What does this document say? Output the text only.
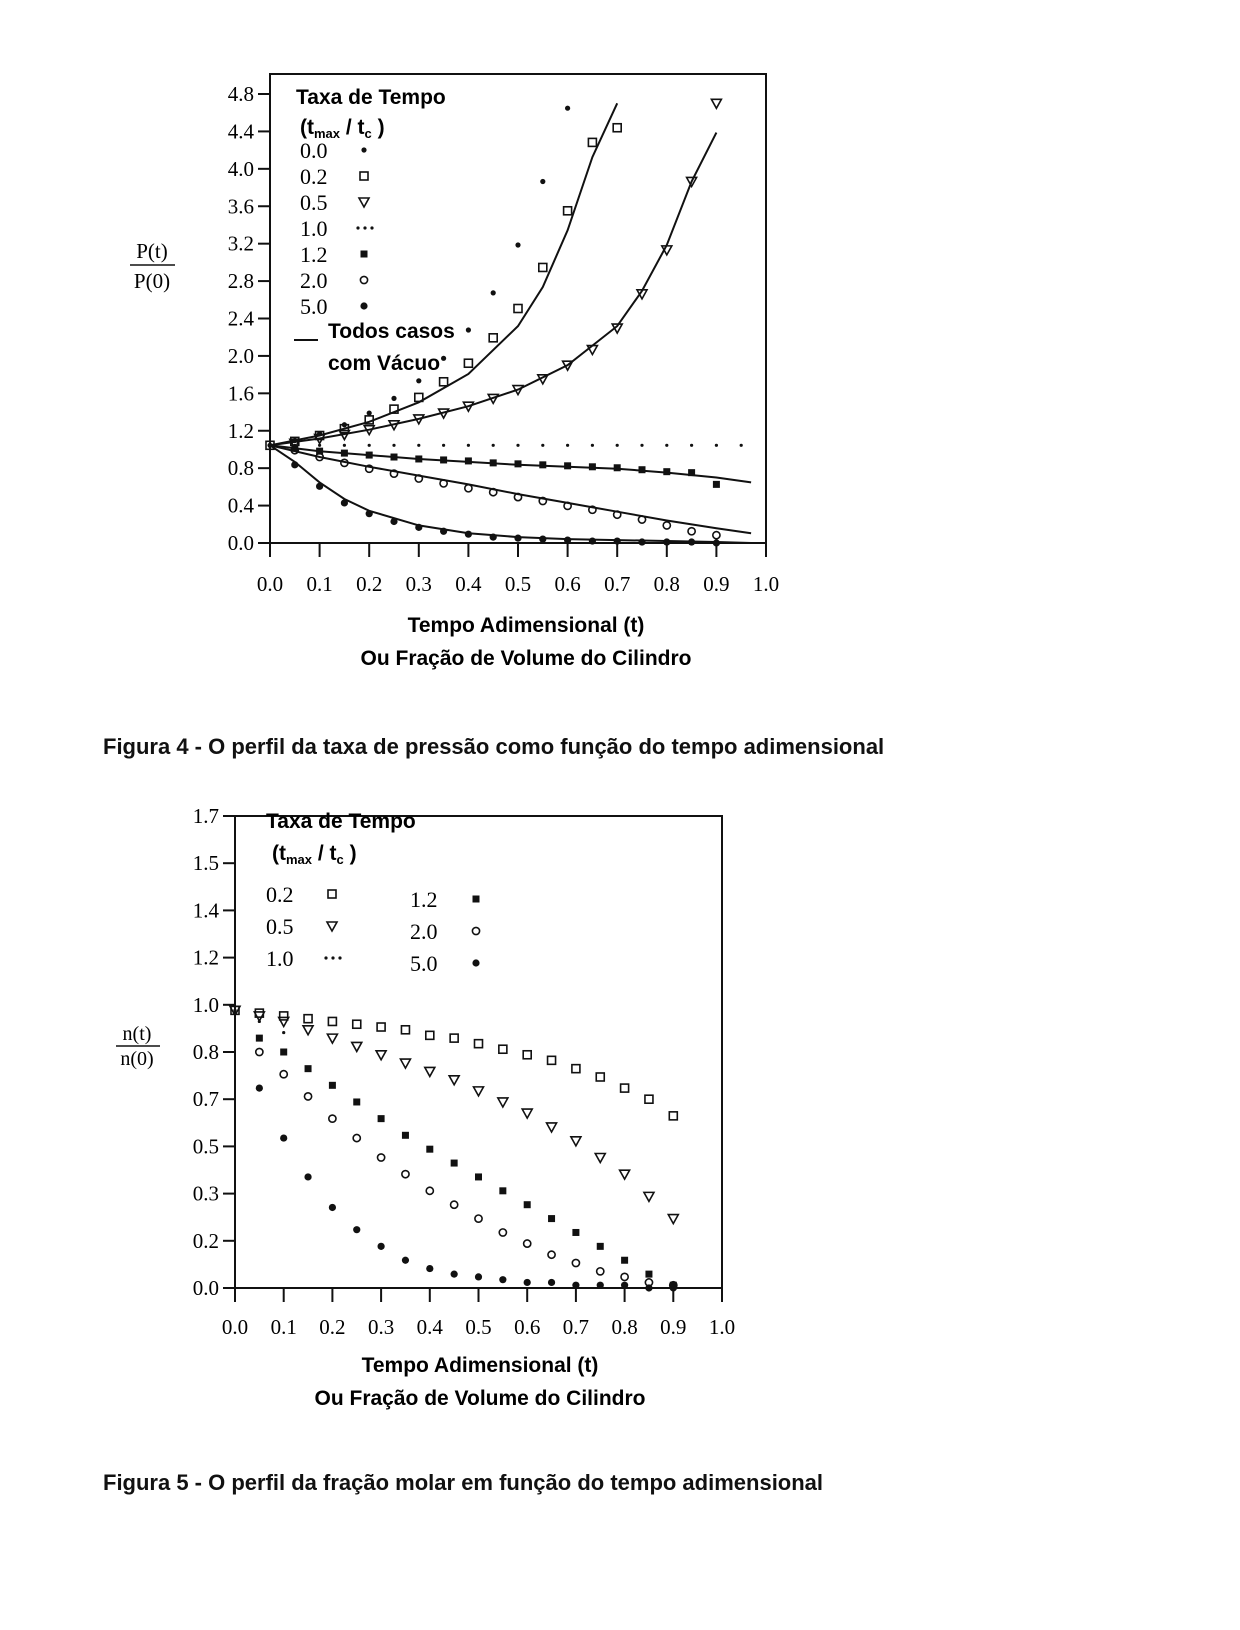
0.0
0.4
0.8
1.2
1.6
2.0
2.4
2.8
3.2
3.6
4.0
4.4
4.8
0.0 0.1 0.2 0.3 0.4 0.5 0.6 0.7 0.8 0.9 1.0
Taxa de Tempo
(tmax / tc )
0.0
0.2
0.5
1.0
1.2
2.0
5.0
Todos casos
com Vácuo
P(t)
P(0)
Tempo Adimensional (t)
Ou Fração de Volume do Cilindro
Figura 4 - O perfil da taxa de pressão como função do tempo adimensional
0.0
0.2
0.3
0.5
0.7
0.8
1.0
1.2
1.4
1.5
1.7
0.0 0.1 0.2 0.3 0.4 0.5 0.6 0.7 0.8 0.9 1.0
Taxa de Tempo
(tmax / tc )
0.2
0.5
1.0
1.2
2.0
5.0
n(t)
n(0)
Tempo Adimensional (t)
Ou Fração de Volume do Cilindro
Figura 5 - O perfil da fração molar em função do tempo adimensional
